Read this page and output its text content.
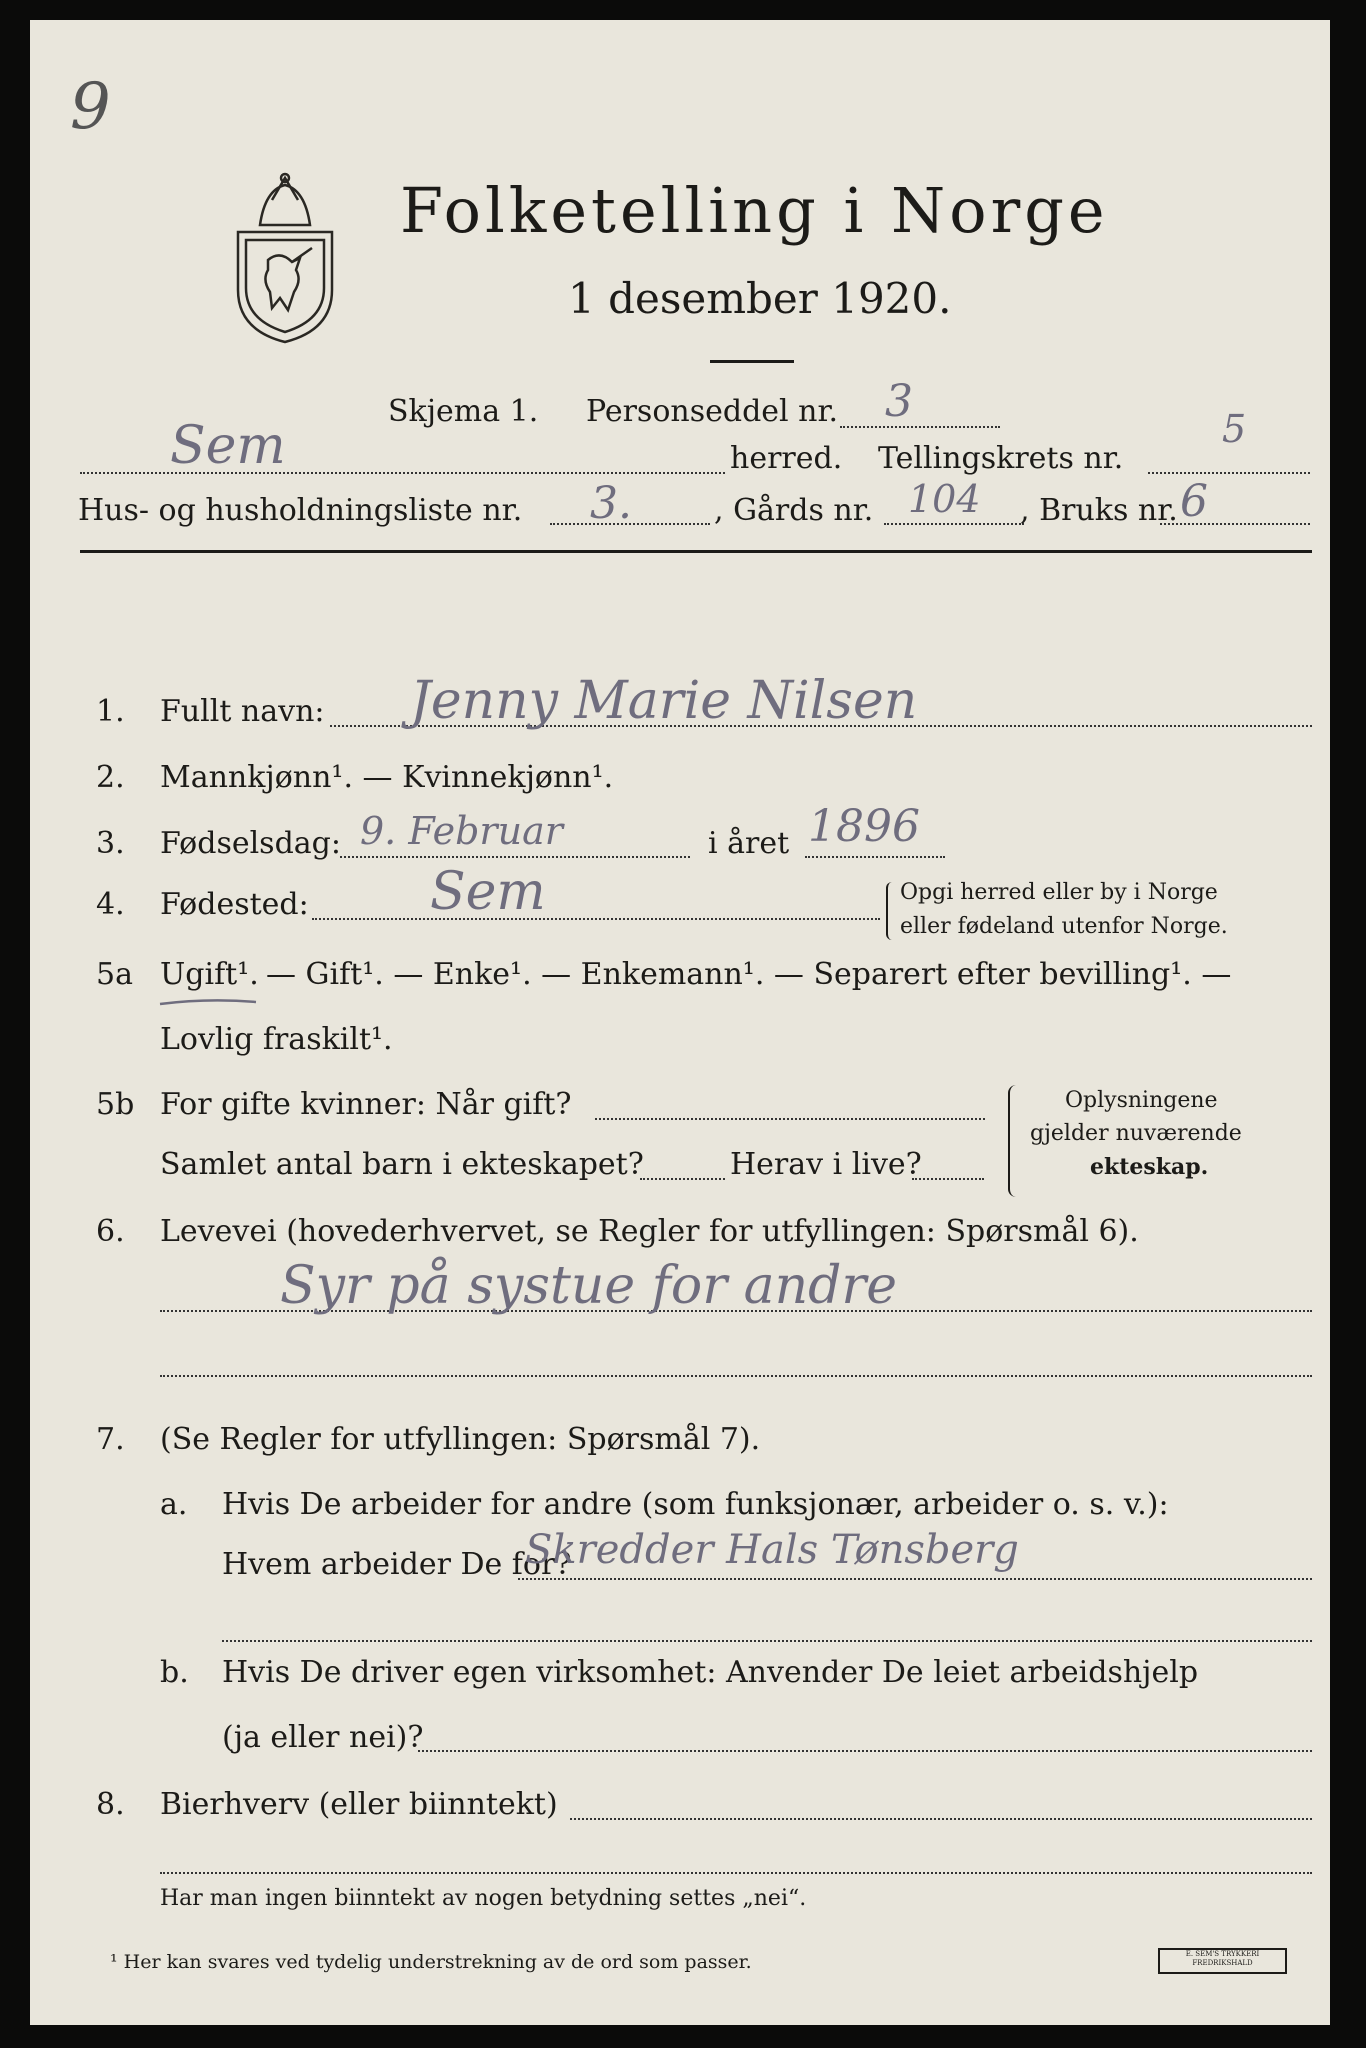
9
Folketelling i Norge
1 desember 1920.
Skjema 1. Personseddel nr. 3
Sem	herred. Tellingskrets nr.
5
Hus- og husholdningsliste nr. 3.	, Gårds nr. 104 , Bruks nr. 6
1. Fullt navn: Jenny Marie Nilsen
2. Mannkjønn¹. — Kvinnekjønn¹.
3. Fødselsdag: 9. Februar	i året 1896
4. Fødested: Sem	Opgi herred eller by i Norge
eller fødeland utenfor Norge.
5a Ugift¹. — Gift¹. — Enke¹. — Enkemann¹. — Separert efter bevilling¹. —
Lovlig fraskilt¹.
5b For gifte kvinner: Når gift?
Samlet antal barn i ekteskapet?	Herav i live?
Oplysningene
gjelder nuværende
ekteskap.
6. Levevei (hovederhvervet, se Regler for utfyllingen: Spørsmål 6).
Syr på systue for andre
7. (Se Regler for utfyllingen: Spørsmål 7).
a. Hvis De arbeider for andre (som funksjonær, arbeider o. s. v.):
Hvem arbeider De for?
Skredder Hals Tønsberg
b. Hvis De driver egen virksomhet: Anvender De leiet arbeidshjelp
(ja eller nei)?
8. Bierhverv (eller biinntekt)
Har man ingen biinntekt av nogen betydning settes „nei“.
¹ Her kan svares ved tydelig understrekning av de ord som passer.	E. SEM'S TRYKKERI FREDRIKSHALD
